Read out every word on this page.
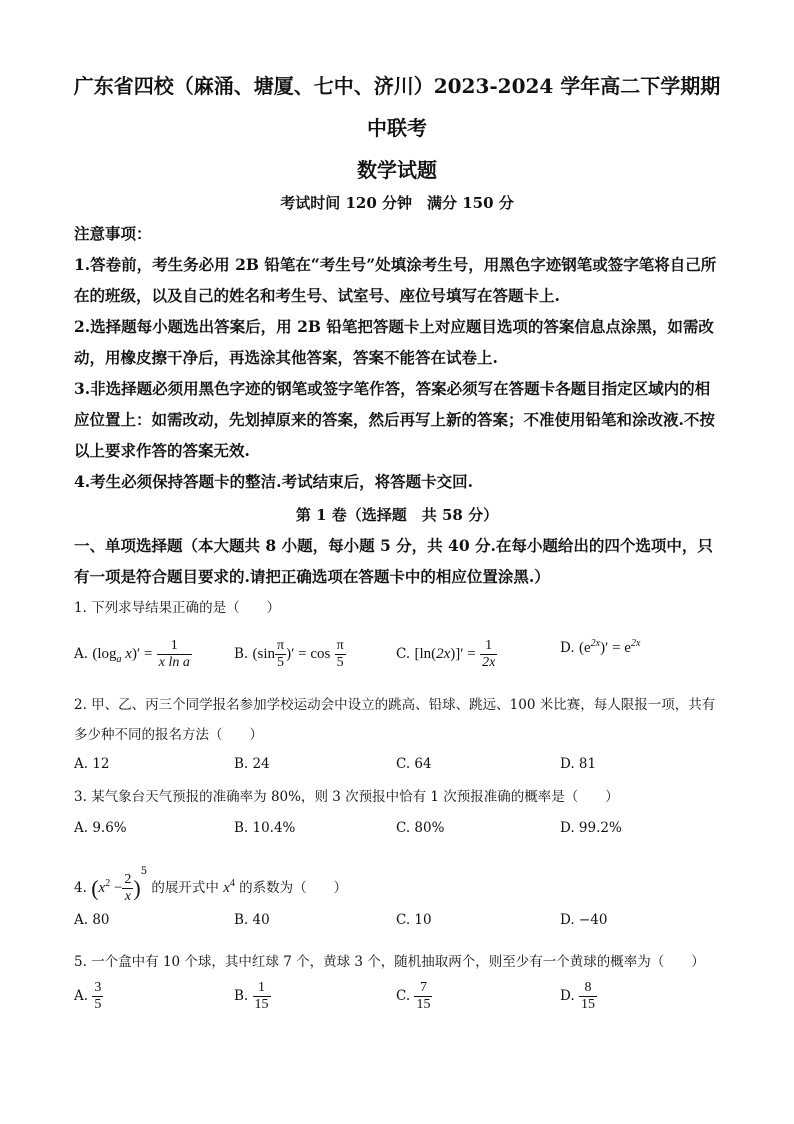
广东省四校（麻涌、塘厦、七中、济川）2023-2024 学年高二下学期期
中联考
数学试题
考试时间 120 分钟　满分 150 分
注意事项：
1.答卷前，考生务必用 2B 铅笔在“考生号”处填涂考生号，用黑色字迹钢笔或签字笔将自己所在的班级，以及自己的姓名和考生号、试室号、座位号填写在答题卡上.
2.选择题每小题选出答案后，用 2B 铅笔把答题卡上对应题目选项的答案信息点涂黑，如需改动，用橡皮擦干净后，再选涂其他答案，答案不能答在试卷上.
3.非选择题必须用黑色字迹的钢笔或签字笔作答，答案必须写在答题卡各题目指定区域内的相应位置上：如需改动，先划掉原来的答案，然后再写上新的答案；不准使用铅笔和涂改液.不按以上要求作答的答案无效.
4.考生必须保持答题卡的整洁.考试结束后，将答题卡交回.
第 1 卷（选择题　共 58 分）
一、单项选择题（本大题共 8 小题，每小题 5 分，共 40 分.在每小题给出的四个选项中，只有一项是符合题目要求的.请把正确选项在答题卡中的相应位置涂黑.）
1. 下列求导结果正确的是（　　）
A. ($\log_a$ $x)' = \frac{1}{\text{x ln a}}$	B. ($\sin \frac{\pi}{5}$ )′ = $\cos \frac{\pi}{5}$	C. $[\ln(2x)]' = \frac{1}{2x}$	D. $(e^{2x})' = e^{2x}$
2. 甲、乙、丙三个同学报名参加学校运动会中设立的跳高、铅球、跳远、100 米比赛，每人限报一项，共有多少种不同的报名方法（　　）
A. 12	B. 24	C. 64	D. 81
3. 某气象台天气预报的准确率为 80%，则 3 次预报中恰有 1 次预报准确的概率是（　　）
A. 9.6%	B. 10.4%	C. 80%	D. 99.2%
4. $(x^2 - \frac{2}{x} )^5$ 的展开式中 $x^4$ 的系数为（　　）
A. 80	B. 40	C. 10	D. −40
5. 一个盒中有 10 个球，其中红球 7 个，黄球 3 个，随机抽取两个，则至少有一个黄球的概率为（　　）
A. $\frac{3}{5}$	B. $\frac{1}{15}$	C. $\frac{7}{15}$	D. $\frac{8}{15}$
